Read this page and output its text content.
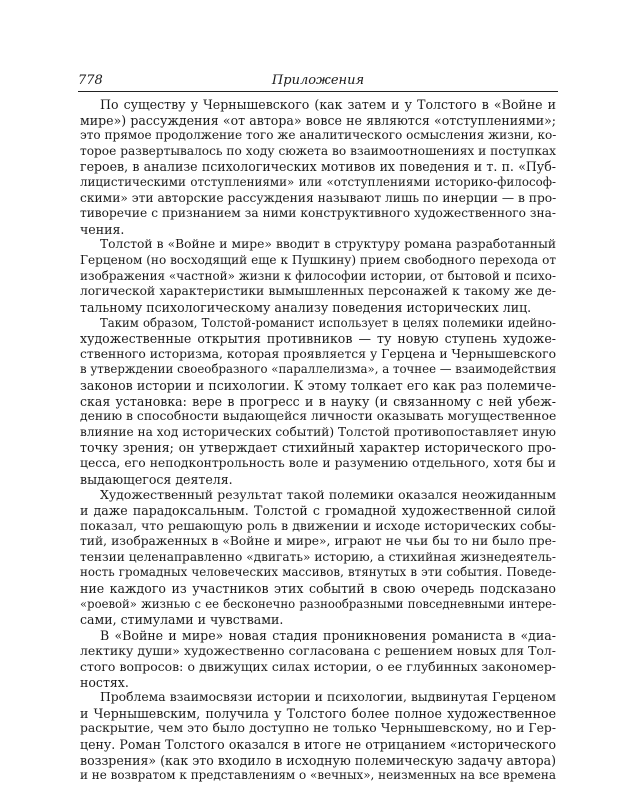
778	Приложения
По существу у Чернышевского (как затем и у Толстого в «Войне и
мире») рассуждения «от автора» вовсе не являются «отступлениями»;
это прямое продолжение того же аналитического осмысления жизни, ко-
торое развертывалось по ходу сюжета во взаимоотношениях и поступках
героев, в анализе психологических мотивов их поведения и т. п. «Пуб-
лицистическими отступлениями» или «отступлениями историко-философ-
скими» эти авторские рассуждения называют лишь по инерции — в про-
тиворечие с признанием за ними конструктивного художественного зна-
чения.
Толстой в «Войне и мире» вводит в структуру романа разработанный
Герценом (но восходящий еще к Пушкину) прием свободного перехода от
изображения «частной» жизни к философии истории, от бытовой и психо-
логической характеристики вымышленных персонажей к такому же де-
тальному психологическому анализу поведения исторических лиц.
Таким образом, Толстой-романист использует в целях полемики идейно-
художественные открытия противников — ту новую ступень художе-
ственного историзма, которая проявляется у Герцена и Чернышевского
в утверждении своеобразного «параллелизма», а точнее — взаимодействия
законов истории и психологии. К этому толкает его как раз полемиче-
ская установка: вере в прогресс и в науку (и связанному с ней убеж-
дению в способности выдающейся личности оказывать могущественное
влияние на ход исторических событий) Толстой противопоставляет иную
точку зрения; он утверждает стихийный характер исторического про-
цесса, его неподконтрольность воле и разумению отдельного, хотя бы и
выдающегося деятеля.
Художественный результат такой полемики оказался неожиданным
и даже парадоксальным. Толстой с громадной художественной силой
показал, что решающую роль в движении и исходе исторических собы-
тий, изображенных в «Войне и мире», играют не чьи бы то ни было пре-
тензии целенаправленно «двигать» историю, а стихийная жизнедеятель-
ность громадных человеческих массивов, втянутых в эти события. Поведе-
ние каждого из участников этих событий в свою очередь подсказано
«роевой» жизнью с ее бесконечно разнообразными повседневными интере-
сами, стимулами и чувствами.
В «Войне и мире» новая стадия проникновения романиста в «диа-
лектику души» художественно согласована с решением новых для Тол-
стого вопросов: о движущих силах истории, о ее глубинных закономер-
ностях.
Проблема взаимосвязи истории и психологии, выдвинутая Герценом
и Чернышевским, получила у Толстого более полное художественное
раскрытие, чем это было доступно не только Чернышевскому, но и Гер-
цену. Роман Толстого оказался в итоге не отрицанием «исторического
воззрения» (как это входило в исходную полемическую задачу автора)
и не возвратом к представлениям о «вечных», неизменных на все времена
